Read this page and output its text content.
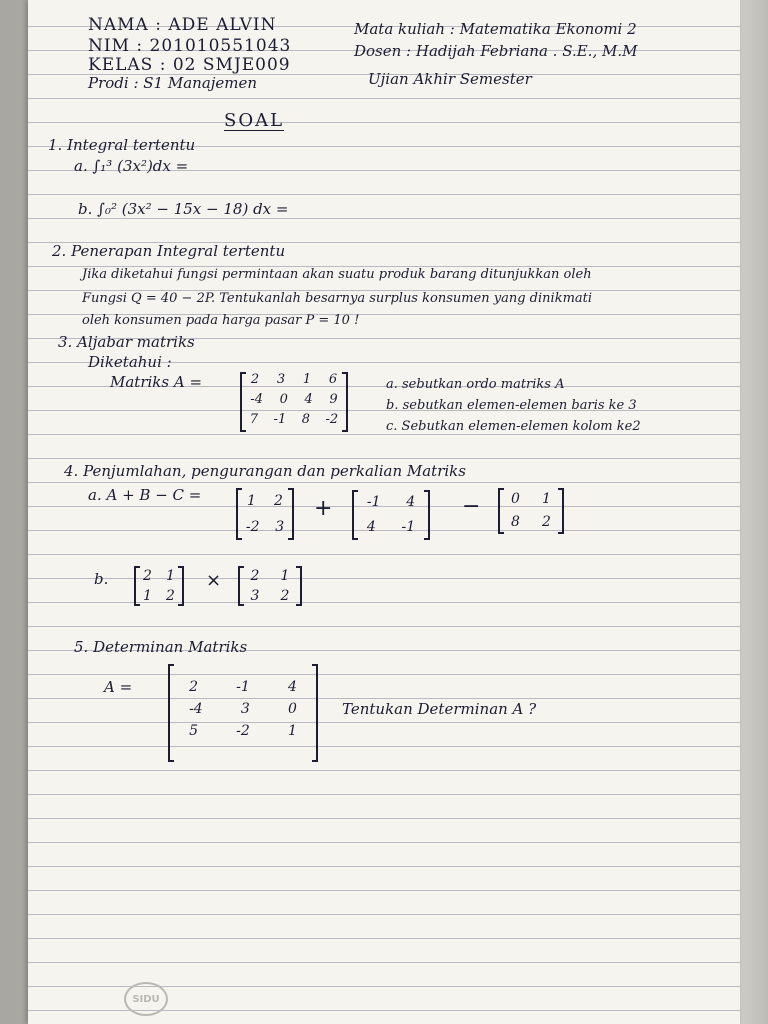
NAMA : ADE ALVIN
NIM : 201010551043
KELAS : 02 SMJE009
Prodi : S1 Manajemen
Mata kuliah : Matematika Ekonomi 2
Dosen : Hadijah Febriana . S.E., M.M
Ujian Akhir Semester
SOAL
1. Integral tertentu
a. ∫₁³ (3x²)dx =
b. ∫₀² (3x² − 15x − 18) dx =
2. Penerapan Integral tertentu
Jika diketahui fungsi permintaan akan suatu produk barang ditunjukkan oleh
Fungsi Q = 40 − 2P. Tentukanlah besarnya surplus konsumen yang dinikmati
oleh konsumen pada harga pasar P = 10 !
3. Aljabar matriks
Diketahui :
Matriks A =	2 3 1 6
-4 0 4 9
7 -1 8 -2
a. sebutkan ordo matriks A
b. sebutkan elemen-elemen baris ke 3
c. Sebutkan elemen-elemen kolom ke2
4. Penjumlahan, pengurangan dan perkalian Matriks
a. A + B − C =	1 2
-2 3
+ -1 4
4 -1
− 0 1
8 2
b. 2 1
1 2
× 2 1
3 2
5. Determinan Matriks
A =	2	-1	4
-4	3	0
5	-2	1
Tentukan Determinan A ?
SIDU
